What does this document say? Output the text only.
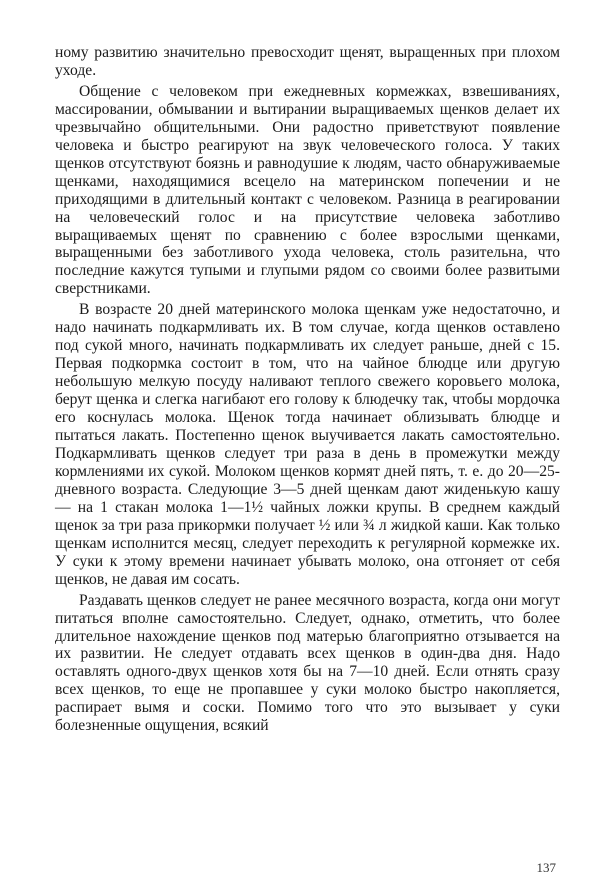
ному развитию значительно превосходит щенят, выращенных при плохом уходе.

Общение с человеком при ежедневных кормежках, взвешиваниях, массировании, обмывании и вытирании выращиваемых щенков делает их чрезвычайно общительными. Они радостно приветствуют появление человека и быстро реагируют на звук человеческого голоса. У таких щенков отсутствуют боязнь и равнодушие к людям, часто обнаруживаемые щенками, находящимися всецело на материнском попечении и не приходящими в длительный контакт с человеком. Разница в реагировании на человеческий голос и на присутствие человека заботливо выращиваемых щенят по сравнению с более взрослыми щенками, выращенными без заботливого ухода человека, столь разительна, что последние кажутся тупыми и глупыми рядом со своими более развитыми сверстниками.

В возрасте 20 дней материнского молока щенкам уже недостаточно, и надо начинать подкармливать их. В том случае, когда щенков оставлено под сукой много, начинать подкармливать их следует раньше, дней с 15. Первая подкормка состоит в том, что на чайное блюдце или другую небольшую мелкую посуду наливают теплого свежего коровьего молока, берут щенка и слегка нагибают его голову к блюдечку так, чтобы мордочка его коснулась молока. Щенок тогда начинает облизывать блюдце и пытаться лакать. Постепенно щенок выучивается лакать самостоятельно. Подкармливать щенков следует три раза в день в промежутки между кормлениями их сукой. Молоком щенков кормят дней пять, т. е. до 20—25-дневного возраста. Следующие 3—5 дней щенкам дают жиденькую кашу — на 1 стакан молока 1—1½ чайных ложки крупы. В среднем каждый щенок за три раза прикормки получает ½ или ¾ л жидкой каши. Как только щенкам исполнится месяц, следует переходить к регулярной кормежке их. У суки к этому времени начинает убывать молоко, она отгоняет от себя щенков, не давая им сосать.

Раздавать щенков следует не ранее месячного возраста, когда они могут питаться вполне самостоятельно. Следует, однако, отметить, что более длительное нахождение щенков под матерью благоприятно отзывается на их развитии. Не следует отдавать всех щенков в один-два дня. Надо оставлять одного-двух щенков хотя бы на 7—10 дней. Если отнять сразу всех щенков, то еще не пропавшее у суки молоко быстро накопляется, распирает вымя и соски. Помимо того что это вызывает у суки болезненные ощущения, всякий

137
